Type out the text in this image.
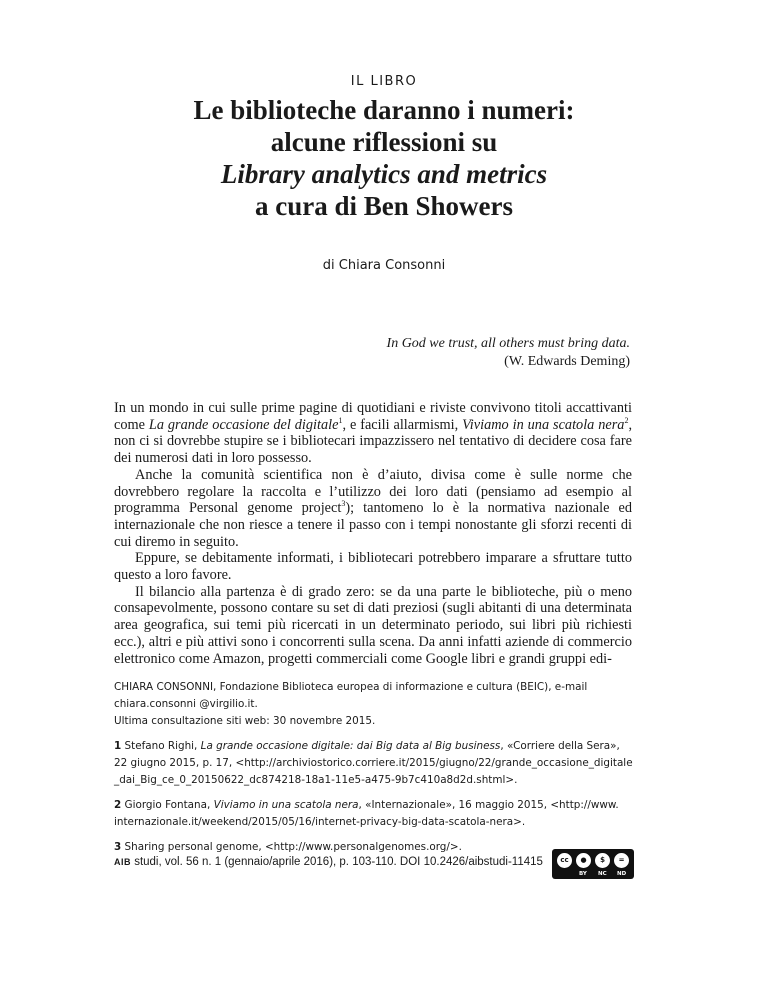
IL LIBRO
Le biblioteche daranno i numeri:
alcune riflessioni su
Library analytics and metrics
a cura di Ben Showers
di Chiara Consonni
In God we trust, all others must bring data.
(W. Edwards Deming)

In un mondo in cui sulle prime pagine di quotidiani e riviste convivono titoli accattivanti come La grande occasione del digitale$^1$, e facili allarmismi, Viviamo in una scatola nera$^2$, non ci si dovrebbe stupire se i bibliotecari impazzissero nel tentativo di decidere cosa fare dei numerosi dati in loro possesso.

Anche la comunità scientifica non è d’aiuto, divisa come è sulle norme che dovrebbero regolare la raccolta e l’utilizzo dei loro dati (pensiamo ad esempio al programma Personal genome project$^3$); tantomeno lo è la normativa nazionale ed internazionale che non riesce a tenere il passo con i tempi nonostante gli sforzi recenti di cui diremo in seguito.

Eppure, se debitamente informati, i bibliotecari potrebbero imparare a sfruttare tutto questo a loro favore.

Il bilancio alla partenza è di grado zero: se da una parte le biblioteche, più o meno consapevolmente, possono contare su set di dati preziosi (sugli abitanti di una determinata area geografica, sui temi più ricercati in un determinato periodo, sui libri più richiesti ecc.), altri e più attivi sono i concorrenti sulla scena. Da anni infatti aziende di commercio elettronico come Amazon, progetti commerciali come Google libri e grandi gruppi edi-

CHIARA CONSONNI, Fondazione Biblioteca europea di informazione e cultura (BEIC), e-mail chiara.consonni @virgilio.it.
Ultima consultazione siti web: 30 novembre 2015.
1 Stefano Righi, La grande occasione digitale: dai Big data al Big business, «Corriere della Sera», 22 giugno 2015, p. 17, <http://archiviostorico.corriere.it/2015/giugno/22/grande_occasione_digitale _dai_Big_ce_0_20150622_dc874218-18a1-11e5-a475-9b7c410a8d2d.shtml>.
2 Giorgio Fontana, Viviamo in una scatola nera, «Internazionale», 16 maggio 2015, <http://www. internazionale.it/weekend/2015/05/16/internet-privacy-big-data-scatola-nera>.
3 Sharing personal genome, <http://www.personalgenomes.org/>.
AIB studi, vol. 56 n. 1 (gennaio/aprile 2016), p. 103-110. DOI 10.2426/aibstudi-11415	cc	●	$	=
BY NC ND
